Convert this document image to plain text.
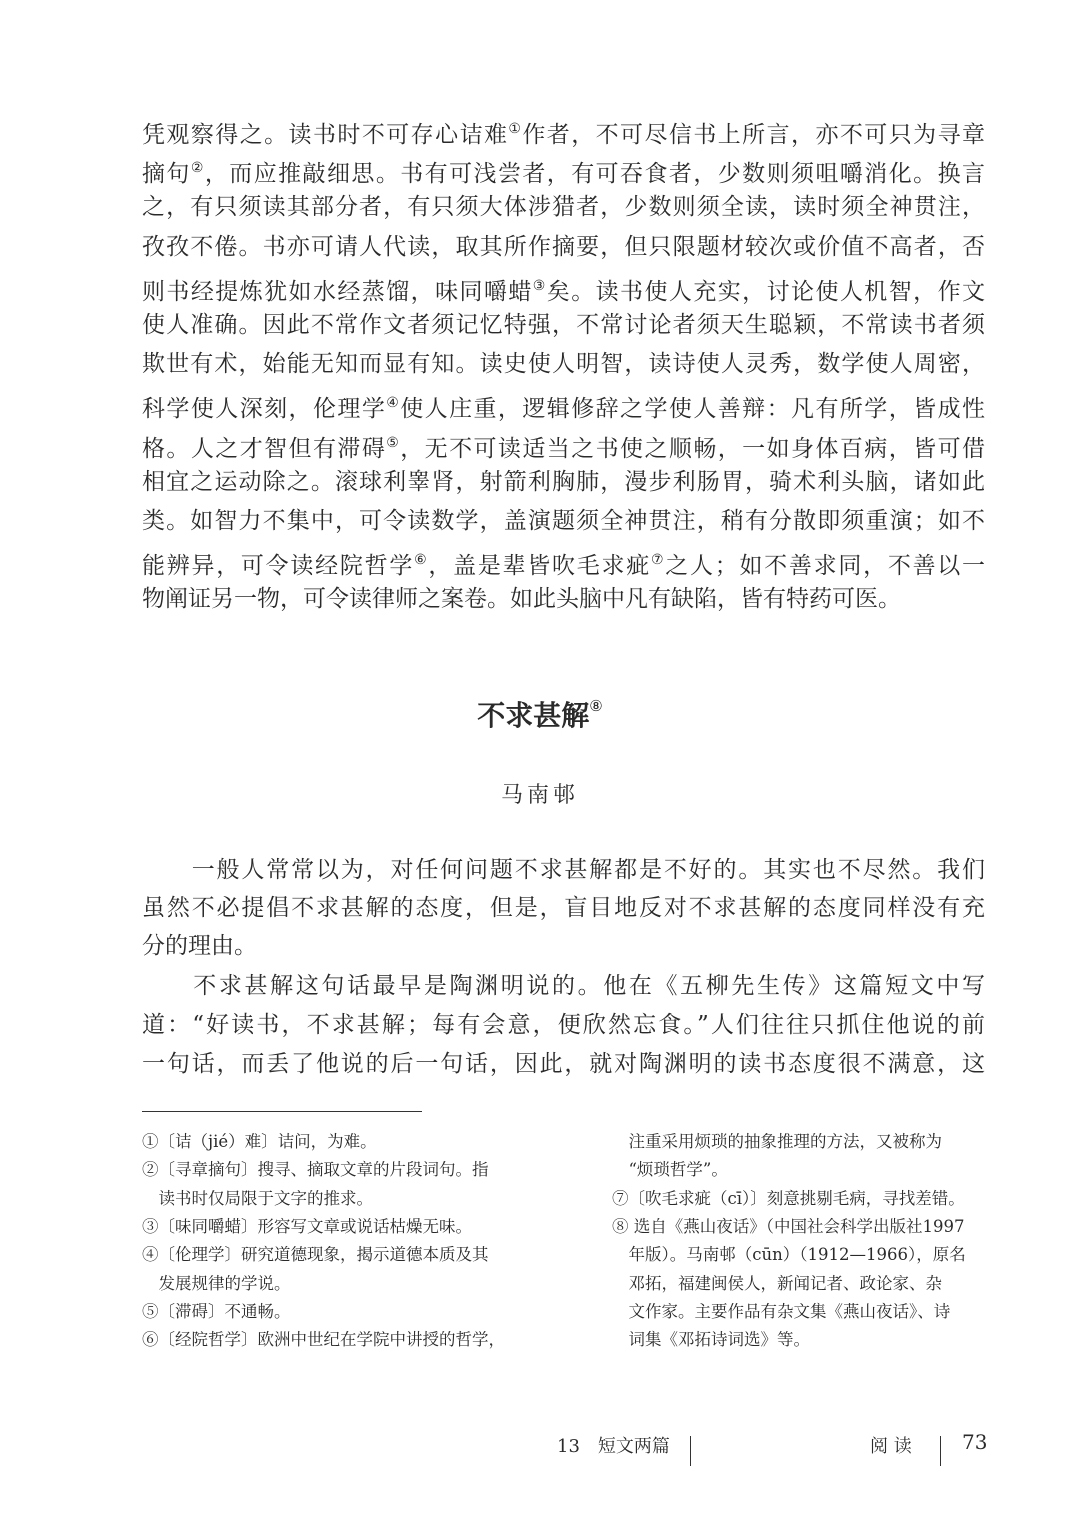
凭观察得之。读书时不可存心诘难①作者，不可尽信书上所言，亦不可只为寻章
摘句②，而应推敲细思。书有可浅尝者，有可吞食者，少数则须咀嚼消化。换言
之，有只须读其部分者，有只须大体涉猎者，少数则须全读，读时须全神贯注，
孜孜不倦。书亦可请人代读，取其所作摘要，但只限题材较次或价值不高者，否
则书经提炼犹如水经蒸馏，味同嚼蜡③矣。读书使人充实，讨论使人机智，作文
使人准确。因此不常作文者须记忆特强，不常讨论者须天生聪颖，不常读书者须
欺世有术，始能无知而显有知。读史使人明智，读诗使人灵秀，数学使人周密，
科学使人深刻，伦理学④使人庄重，逻辑修辞之学使人善辩：凡有所学，皆成性
格。人之才智但有滞碍⑤，无不可读适当之书使之顺畅，一如身体百病，皆可借
相宜之运动除之。滚球利睾肾，射箭利胸肺，漫步利肠胃，骑术利头脑，诸如此
类。如智力不集中，可令读数学，盖演题须全神贯注，稍有分散即须重演；如不
能辨异，可令读经院哲学⑥，盖是辈皆吹毛求疵⑦之人；如不善求同，不善以一
物阐证另一物，可令读律师之案卷。如此头脑中凡有缺陷，皆有特药可医。
　　一般人常常以为，对任何问题不求甚解都是不好的。其实也不尽然。我们
虽然不必提倡不求甚解的态度，但是，盲目地反对不求甚解的态度同样没有充
分的理由。
　　不求甚解这句话最早是陶渊明说的。他在《五柳先生传》这篇短文中写
道：“好读书，不求甚解；每有会意，便欣然忘食。”人们往往只抓住他说的前
一句话，而丢了他说的后一句话，因此，就对陶渊明的读书态度很不满意，这
不求甚解⑧
马南邨
①〔诘（jié）难〕诘问，为难。
②〔寻章摘句〕搜寻、摘取文章的片段词句。指
　读书时仅局限于文字的推求。
③〔味同嚼蜡〕形容写文章或说话枯燥无味。
④〔伦理学〕研究道德现象，揭示道德本质及其
　发展规律的学说。
⑤〔滞碍〕不通畅。
⑥〔经院哲学〕欧洲中世纪在学院中讲授的哲学，
　注重采用烦琐的抽象推理的方法，又被称为
　“烦琐哲学”。
⑦〔吹毛求疵（cī）〕刻意挑剔毛病，寻找差错。
⑧ 选自《燕山夜话》（中国社会科学出版社1997
　年版）。马南邨（cūn）（1912—1966），原名
　邓拓，福建闽侯人，新闻记者、政论家、杂
　文作家。主要作品有杂文集《燕山夜话》、诗
　词集《邓拓诗词选》等。
13　短文两篇	阅 读	73
